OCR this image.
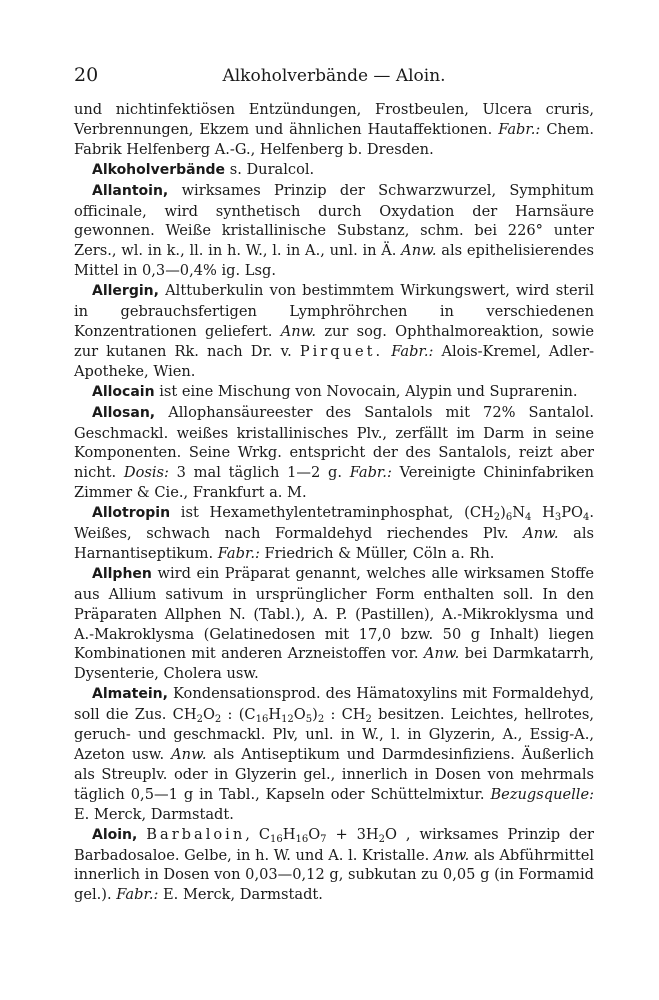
20	Alkoholverbände — Aloin.

und nichtinfektiösen Entzündungen, Frostbeulen, Ulcera cruris, Verbrennungen, Ekzem und ähnlichen Hautaffektionen. Fabr.: Chem. Fabrik Helfenberg A.-G., Helfenberg b. Dresden.

Alkoholverbände s. Duralcol.

Allantoin, wirksames Prinzip der Schwarzwurzel, Symphitum officinale, wird synthetisch durch Oxydation der Harnsäure gewonnen. Weiße kristallinische Substanz, schm. bei 226° unter Zers., wl. in k., ll. in h. W., l. in A., unl. in Ä. Anw. als epithelisierendes Mittel in 0,3—0,4% ig. Lsg.

Allergin, Alttuberkulin von bestimmtem Wirkungswert, wird steril in gebrauchsfertigen Lymphröhrchen in verschiedenen Konzentrationen geliefert. Anw. zur sog. Ophthalmoreaktion, sowie zur kutanen Rk. nach Dr. v. Pirquet. Fabr.: Alois-Kremel, Adler-Apotheke, Wien.

Allocain ist eine Mischung von Novocain, Alypin und Suprarenin.

Allosan, Allophansäureester des Santalols mit 72% Santalol. Geschmackl. weißes kristallinisches Plv., zerfällt im Darm in seine Komponenten. Seine Wrkg. entspricht der des Santalols, reizt aber nicht. Dosis: 3 mal täglich 1—2 g. Fabr.: Vereinigte Chininfabriken Zimmer & Cie., Frankfurt a. M.

Allotropin ist Hexamethylentetraminphosphat, $(CH_2)_6N_4$ $H_3PO_4$. Weißes, schwach nach Formaldehyd riechendes Plv. Anw. als Harnantiseptikum. Fabr.: Friedrich & Müller, Cöln a. Rh.

Allphen wird ein Präparat genannt, welches alle wirksamen Stoffe aus Allium sativum in ursprünglicher Form enthalten soll. In den Präparaten Allphen N. (Tabl.), A. P. (Pastillen), A.-Mikroklysma und A.-Makroklysma (Gelatinedosen mit 17,0 bzw. 50 g Inhalt) liegen Kombinationen mit anderen Arzneistoffen vor. Anw. bei Darmkatarrh, Dysenterie, Cholera usw.

Almatein, Kondensationsprod. des Hämatoxylins mit Formaldehyd, soll die Zus. $CH_2O_2$ : $(C_{16}H_{12}O_5)_2$ : $CH_2$ besitzen. Leichtes, hellrotes, geruch- und geschmackl. Plv, unl. in W., l. in Glyzerin, A., Essig-A., Azeton usw. Anw. als Antiseptikum und Darmdesinfiziens. Äußerlich als Streuplv. oder in Glyzerin gel., innerlich in Dosen von mehrmals täglich 0,5—1 g in Tabl., Kapseln oder Schüttelmixtur. Bezugsquelle: E. Merck, Darmstadt.

Aloin, Barbaloin, $C_{16}H_{16}O_7 + 3H_2O$ , wirksames Prinzip der Barbadosaloe. Gelbe, in h. W. und A. l. Kristalle. Anw. als Abführmittel innerlich in Dosen von 0,03—0,12 g, subkutan zu 0,05 g (in Formamid gel.). Fabr.: E. Merck, Darmstadt.
